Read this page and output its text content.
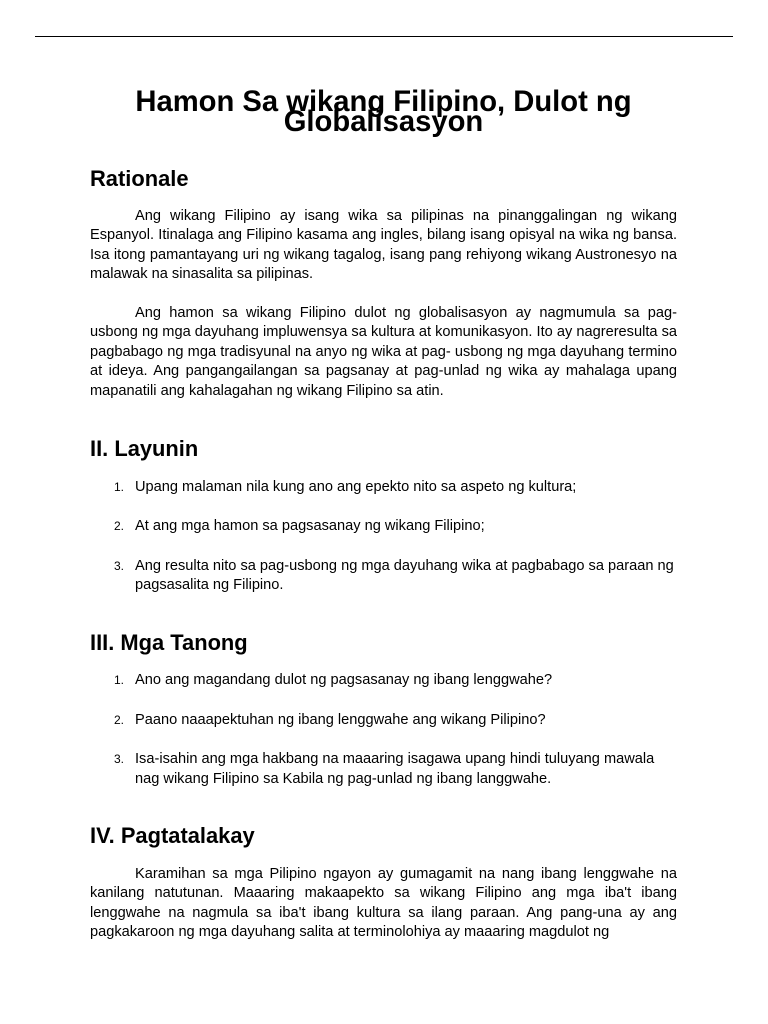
Hamon Sa wikang Filipino, Dulot ng Globalisasyon
Rationale

Ang wikang Filipino ay isang wika sa pilipinas na pinanggalingan ng wikang Espanyol. Itinalaga ang Filipino kasama ang ingles, bilang isang opisyal na wika ng bansa. Isa itong pamantayang uri ng wikang tagalog, isang pang rehiyong wikang Austronesyo na malawak na sinasalita sa pilipinas.

Ang hamon sa wikang Filipino dulot ng globalisasyon ay nagmumula sa pag-usbong ng mga dayuhang impluwensya sa kultura at komunikasyon. Ito ay nagreresulta sa pagbabago ng mga tradisyunal na anyo ng wika at pag- usbong ng mga dayuhang termino at ideya. Ang pangangailangan sa pagsanay at pag-unlad ng wika ay mahalaga upang mapanatili ang kahalagahan ng wikang Filipino sa atin.

II. Layunin
1. Upang malaman nila kung ano ang epekto nito sa aspeto ng kultura;
2. At ang mga hamon sa pagsasanay ng wikang Filipino;
3. Ang resulta nito sa pag-usbong ng mga dayuhang wika at pagbabago sa paraan ng pagsasalita ng Filipino.
III. Mga Tanong
1. Ano ang magandang dulot ng pagsasanay ng ibang lenggwahe?
2. Paano naaapektuhan ng ibang lenggwahe ang wikang Pilipino?
3. Isa-isahin ang mga hakbang na maaaring isagawa upang hindi tuluyang mawala nag wikang Filipino sa Kabila ng pag-unlad ng ibang langgwahe.
IV. Pagtatalakay

Karamihan sa mga Pilipino ngayon ay gumagamit na nang ibang lenggwahe na kanilang natutunan. Maaaring makaapekto sa wikang Filipino ang mga iba't ibang lenggwahe na nagmula sa iba't ibang kultura sa ilang paraan. Ang pang-una ay ang pagkakaroon ng mga dayuhang salita at terminolohiya ay maaaring magdulot ng
